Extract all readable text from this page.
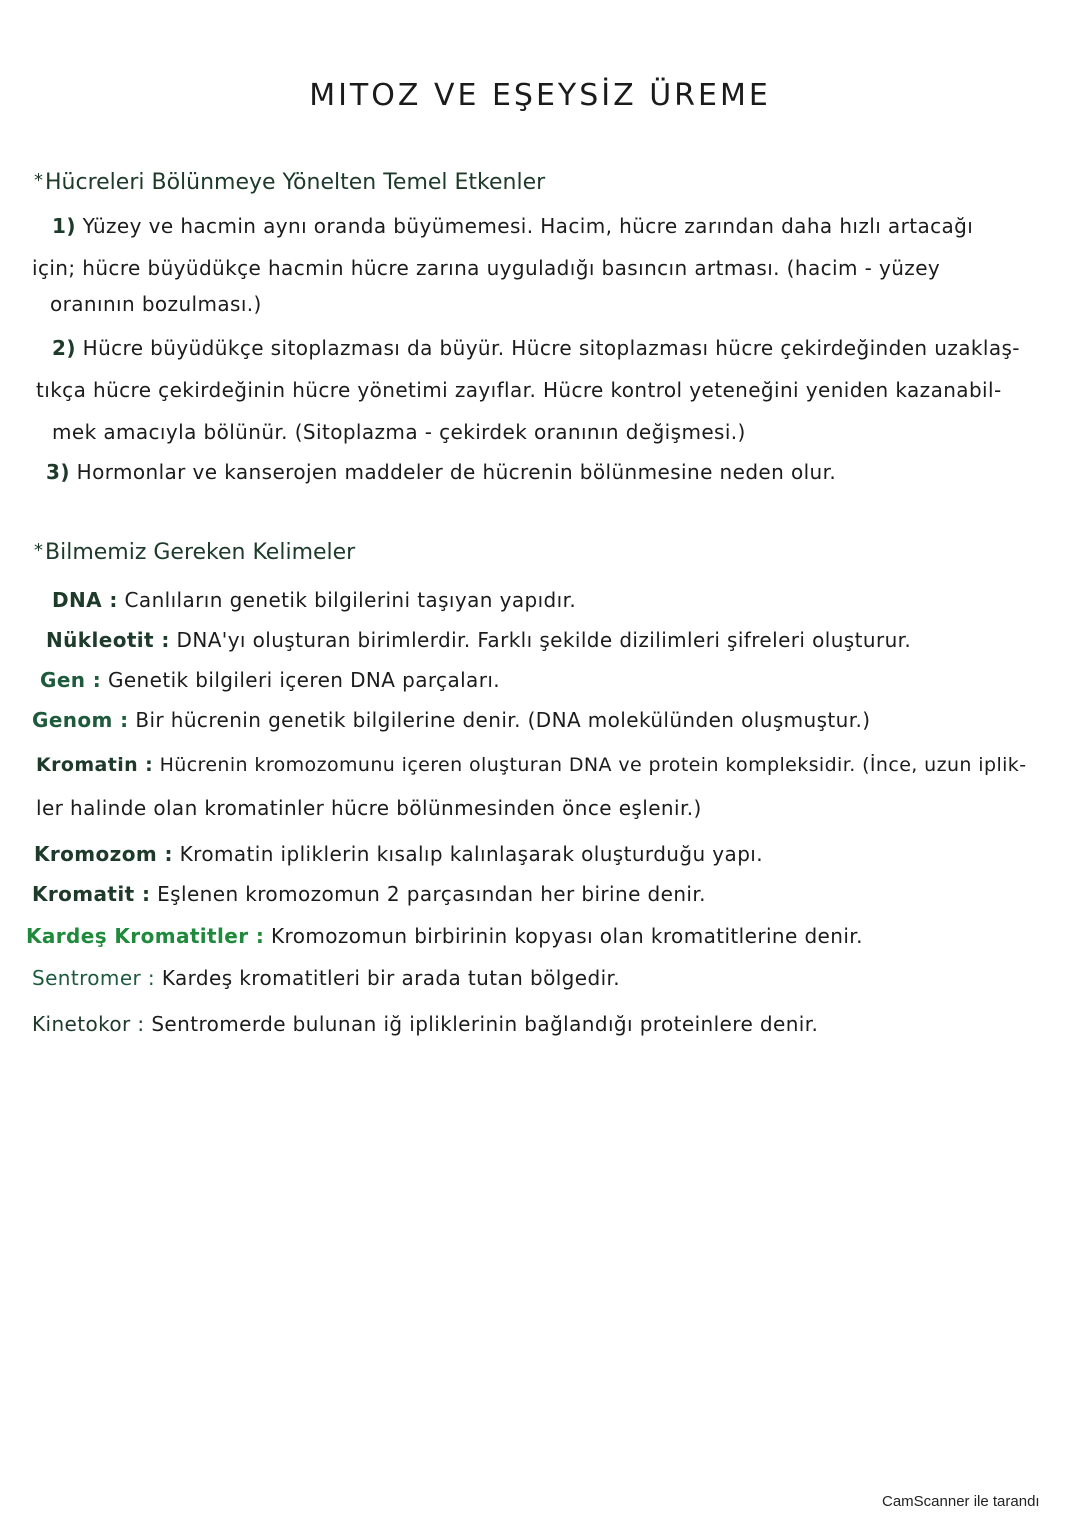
MITOZ VE EŞEYSİZ ÜREME
*Hücreleri Bölünmeye Yönelten Temel Etkenler
1) Yüzey ve hacmin aynı oranda büyümemesi. Hacim, hücre zarından daha hızlı artacağı
için; hücre büyüdükçe hacmin hücre zarına uyguladığı basıncın artması. (hacim - yüzey
oranının bozulması.)
2) Hücre büyüdükçe sitoplazması da büyür. Hücre sitoplazması hücre çekirdeğinden uzaklaş-
tıkça hücre çekirdeğinin hücre yönetimi zayıflar. Hücre kontrol yeteneğini yeniden kazanabil-
mek amacıyla bölünür. (Sitoplazma - çekirdek oranının değişmesi.)
3) Hormonlar ve kanserojen maddeler de hücrenin bölünmesine neden olur.
*Bilmemiz Gereken Kelimeler
DNA : Canlıların genetik bilgilerini taşıyan yapıdır.
Nükleotit : DNA'yı oluşturan birimlerdir. Farklı şekilde dizilimleri şifreleri oluşturur.
Gen : Genetik bilgileri içeren DNA parçaları.
Genom : Bir hücrenin genetik bilgilerine denir. (DNA molekülünden oluşmuştur.)
Kromatin : Hücrenin kromozomunu içeren oluşturan DNA ve protein kompleksidir. (İnce, uzun iplik-
ler halinde olan kromatinler hücre bölünmesinden önce eşlenir.)
Kromozom : Kromatin ipliklerin kısalıp kalınlaşarak oluşturduğu yapı.
Kromatit : Eşlenen kromozomun 2 parçasından her birine denir.
Kardeş Kromatitler : Kromozomun birbirinin kopyası olan kromatitlerine denir.
Sentromer : Kardeş kromatitleri bir arada tutan bölgedir.
Kinetokor : Sentromerde bulunan iğ ipliklerinin bağlandığı proteinlere denir.
CamScanner ile tarandı
